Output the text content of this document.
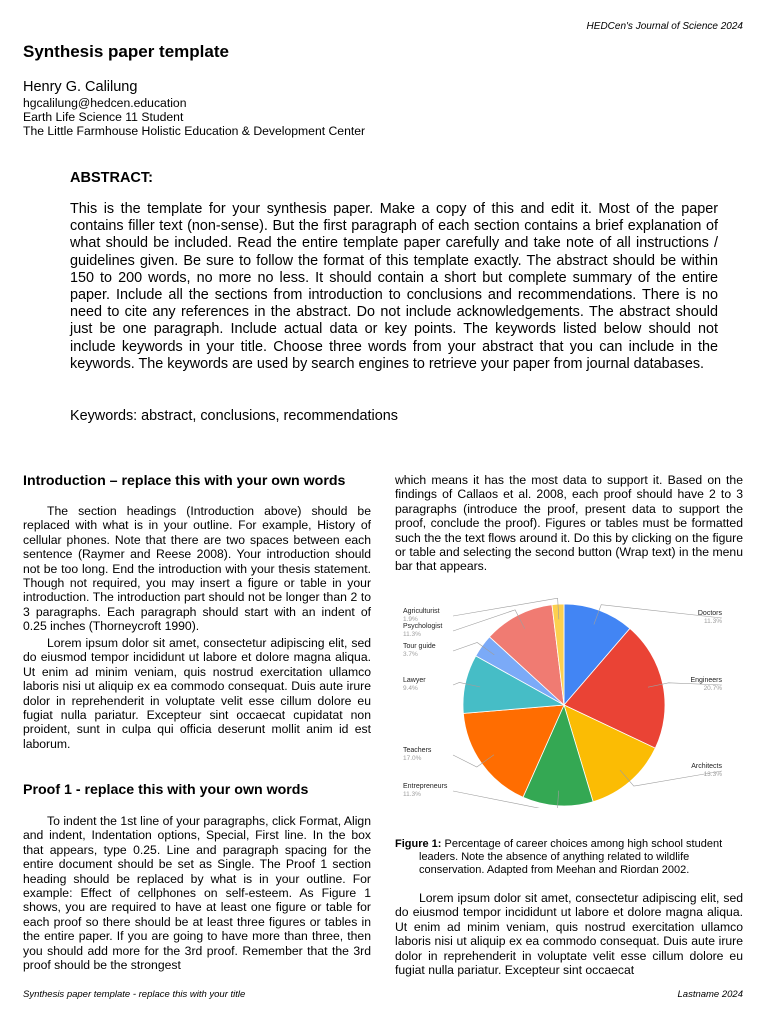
HEDCen's Journal of Science 2024
Synthesis paper template
Henry G. Calilung
hgcalilung@hedcen.education
Earth Life Science 11 Student
The Little Farmhouse Holistic Education & Development Center
ABSTRACT:

This is the template for your synthesis paper. Make a copy of this and edit it. Most of the paper contains filler text (non-sense). But the first paragraph of each section contains a brief explanation of what should be included. Read the entire template paper carefully and take note of all instructions / guidelines given. Be sure to follow the format of this template exactly. The abstract should be within 150 to 200 words, no more no less. It should contain a short but complete summary of the entire paper. Include all the sections from introduction to conclusions and recommendations. There is no need to cite any references in the abstract. Do not include acknowledgements. The abstract should just be one paragraph. Include actual data or key points. The keywords listed below should not include keywords in your title. Choose three words from your abstract that you can include in the keywords. The keywords are used by search engines to retrieve your paper from journal databases.

Keywords: abstract, conclusions, recommendations
Introduction – replace this with your own words

The section headings (Introduction above) should be replaced with what is in your outline. For example, History of cellular phones. Note that there are two spaces between each sentence (Raymer and Reese 2008). Your introduction should not be too long. End the introduction with your thesis statement. Though not required, you may insert a figure or table in your introduction. The introduction part should not be longer than 2 to 3 paragraphs. Each paragraph should start with an indent of 0.25 inches (Thorneycroft 1990).

Lorem ipsum dolor sit amet, consectetur adipiscing elit, sed do eiusmod tempor incididunt ut labore et dolore magna aliqua. Ut enim ad minim veniam, quis nostrud exercitation ullamco laboris nisi ut aliquip ex ea commodo consequat. Duis aute irure dolor in reprehenderit in voluptate velit esse cillum dolore eu fugiat nulla pariatur. Excepteur sint occaecat cupidatat non proident, sunt in culpa qui officia deserunt mollit anim id est laborum.

Proof 1 - replace this with your own words

To indent the 1st line of your paragraphs, click Format, Align and indent, Indentation options, Special, First line. In the box that appears, type 0.25. Line and paragraph spacing for the entire document should be set as Single. The Proof 1 section heading should be replaced by what is in your outline. For example: Effect of cellphones on self-esteem. As Figure 1 shows, you are required to have at least one figure or table for each proof so there should be at least three figures or tables in the entire paper. If you are going to have more than three, then you should add more for the 3rd proof. Remember that the 3rd proof should be the strongest

which means it has the most data to support it. Based on the findings of Callaos et al. 2008, each proof should have 2 to 3 paragraphs (introduce the proof, present data to support the proof, conclude the proof). Figures or tables must be formatted such the the text flows around it. Do this by clicking on the figure or table and selecting the second button (Wrap text) in the menu bar that appears.

Doctors
11.3%
Engineers
20.7%
Architects
13.3%
Entrepreneurs
11.3%
Teachers
17.0%
Lawyer
9.4%
Tour guide
3.7%
Psychologist
11.3%
Agriculturist
1.9%

Figure 1: Percentage of career choices among high school student leaders. Note the absence of anything related to wildlife conservation. Adapted from Meehan and Riordan 2002.

Lorem ipsum dolor sit amet, consectetur adipiscing elit, sed do eiusmod tempor incididunt ut labore et dolore magna aliqua. Ut enim ad minim veniam, quis nostrud exercitation ullamco laboris nisi ut aliquip ex ea commodo consequat. Duis aute irure dolor in reprehenderit in voluptate velit esse cillum dolore eu fugiat nulla pariatur. Excepteur sint occaecat

Synthesis paper template - replace this with your title	Lastname 2024
